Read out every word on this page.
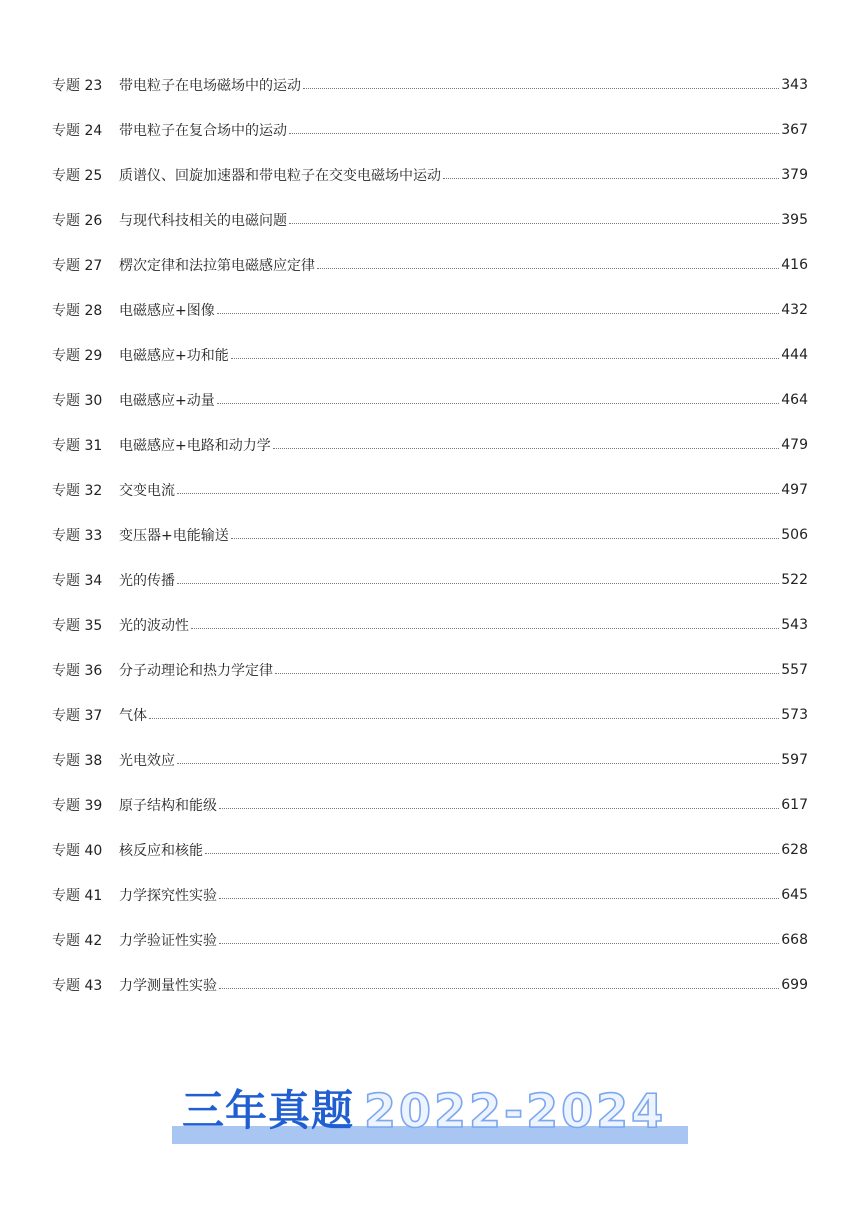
专题 23	带电粒子在电场磁场中的运动	343
专题 24	带电粒子在复合场中的运动	367
专题 25	质谱仪、回旋加速器和带电粒子在交变电磁场中运动	379
专题 26	与现代科技相关的电磁问题	395
专题 27	楞次定律和法拉第电磁感应定律	416
专题 28	电磁感应+图像	432
专题 29	电磁感应+功和能	444
专题 30	电磁感应+动量	464
专题 31	电磁感应+电路和动力学	479
专题 32	交变电流	497
专题 33	变压器+电能输送	506
专题 34	光的传播	522
专题 35	光的波动性	543
专题 36	分子动理论和热力学定律	557
专题 37	气体	573
专题 38	光电效应	597
专题 39	原子结构和能级	617
专题 40	核反应和核能	628
专题 41	力学探究性实验	645
专题 42	力学验证性实验	668
专题 43	力学测量性实验	699
三年真题 2022-2024
